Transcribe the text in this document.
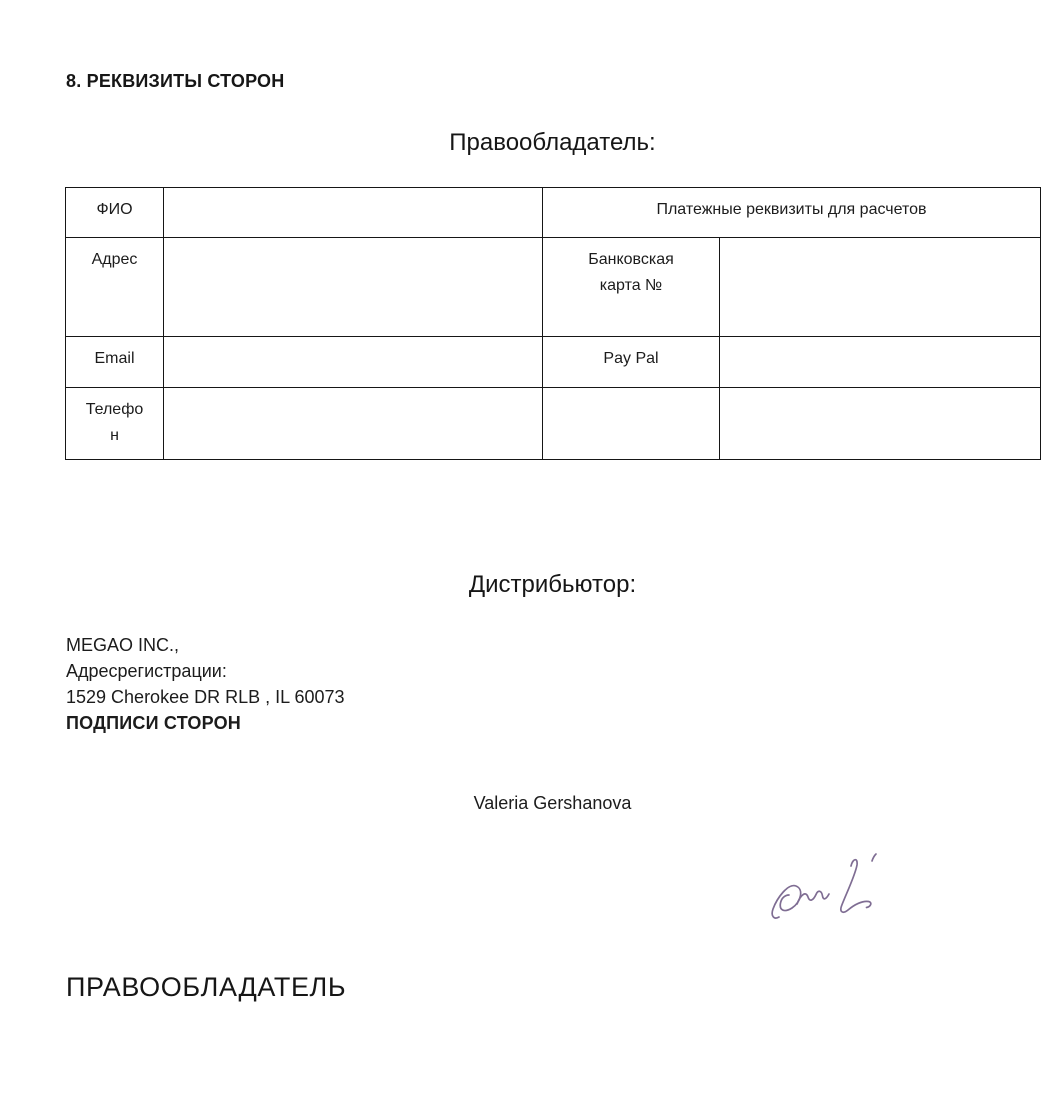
8. РЕКВИЗИТЫ СТОРОН
Правообладатель:
ФИО		Платежные реквизиты для расчетов	
Адрес		Банковская карта №	
Email		Pay Pal	
Телефон			
Дистрибьютор:
MEGAO INC.,
Адресрегистрации:
1529 Cherokee DR RLB , IL 60073
ПОДПИСИ СТОРОН
Valeria Gershanova
ПРАВООБЛАДАТЕЛЬ
